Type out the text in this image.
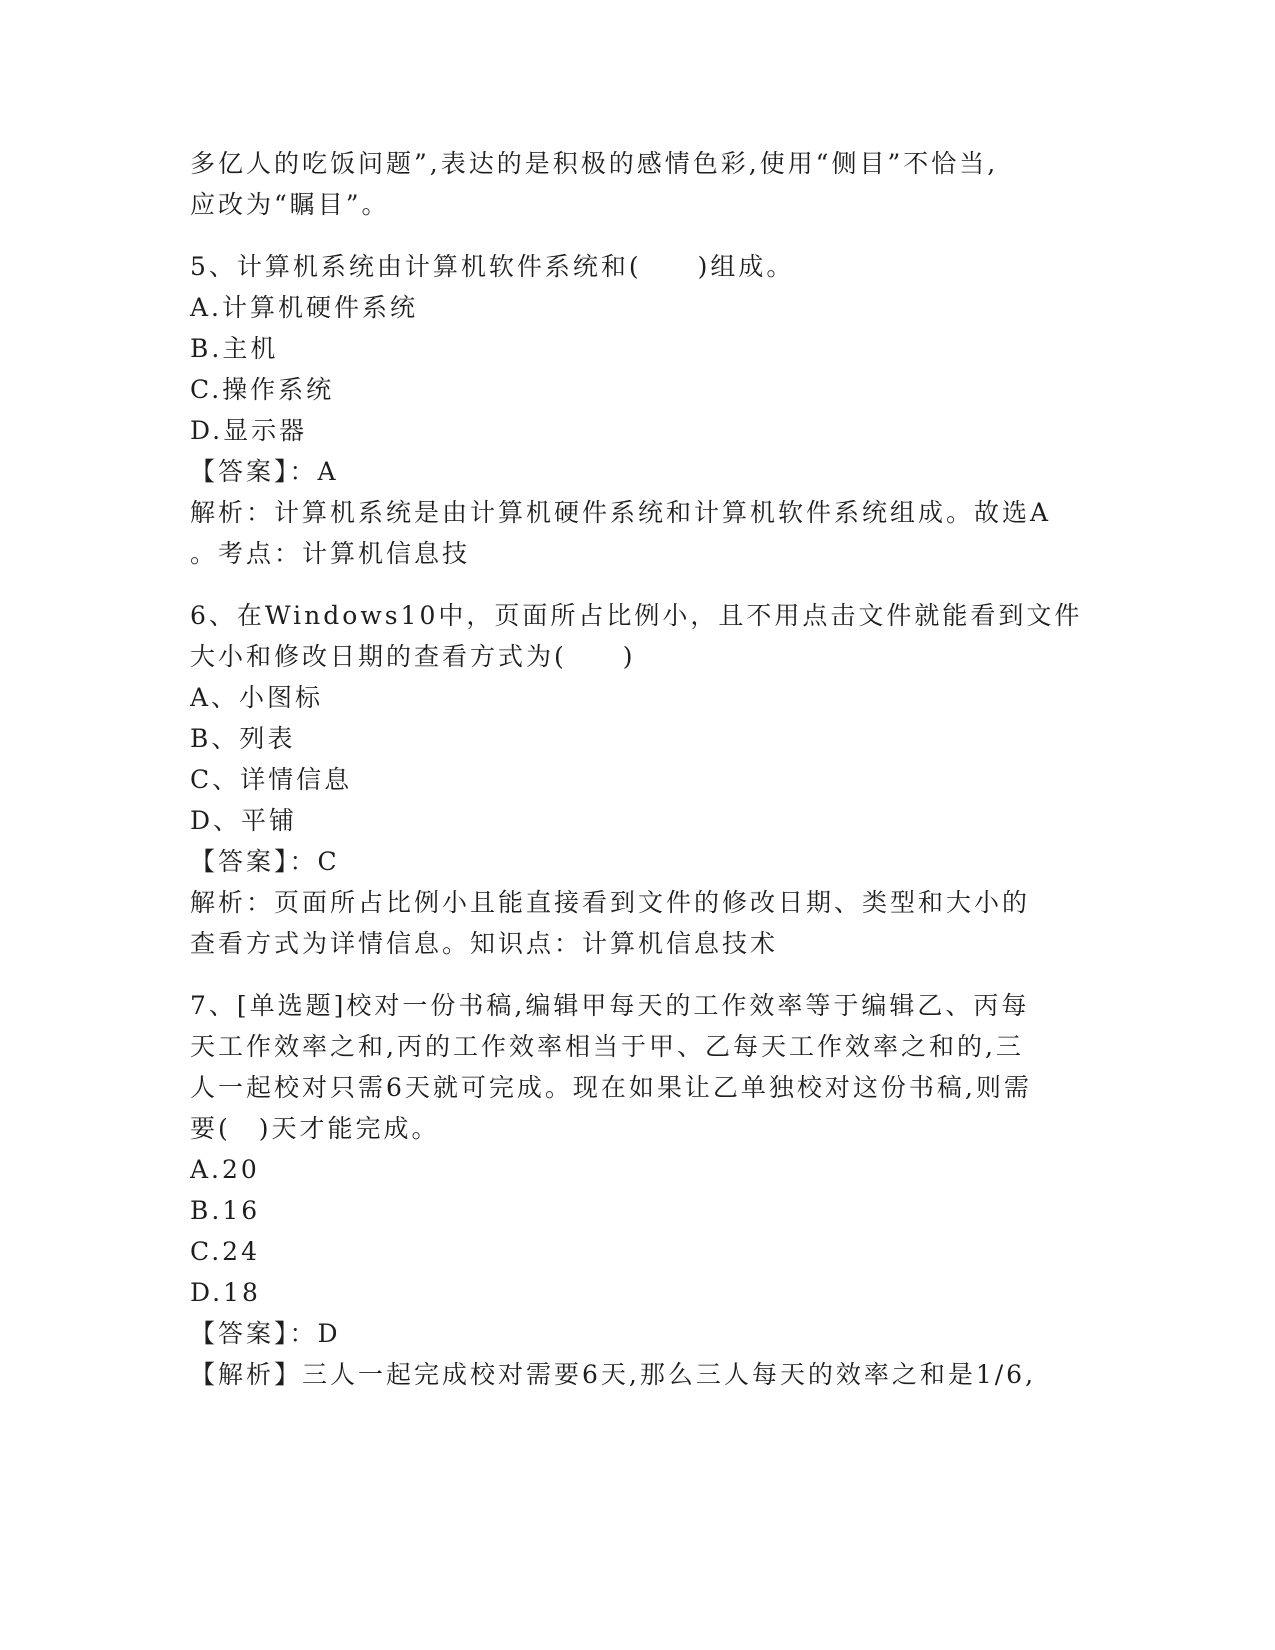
多亿人的吃饭问题”,表达的是积极的感情色彩,使用“侧目”不恰当,
应改为“瞩目”。
5、计算机系统由计算机软件系统和(　　)组成。
A.计算机硬件系统
B.主机
C.操作系统
D.显示器
【答案】：A
解析：计算机系统是由计算机硬件系统和计算机软件系统组成。故选A
。考点：计算机信息技
6、在Windows10中，页面所占比例小，且不用点击文件就能看到文件
大小和修改日期的查看方式为(　　)
A、小图标
B、列表
C、详情信息
D、平铺
【答案】：C
解析：页面所占比例小且能直接看到文件的修改日期、类型和大小的
查看方式为详情信息。知识点：计算机信息技术
7、[单选题]校对一份书稿,编辑甲每天的工作效率等于编辑乙、丙每
天工作效率之和,丙的工作效率相当于甲、乙每天工作效率之和的,三
人一起校对只需6天就可完成。现在如果让乙单独校对这份书稿,则需
要(　)天才能完成。
A.20
B.16
C.24
D.18
【答案】：D
【解析】三人一起完成校对需要6天,那么三人每天的效率之和是1/6,
